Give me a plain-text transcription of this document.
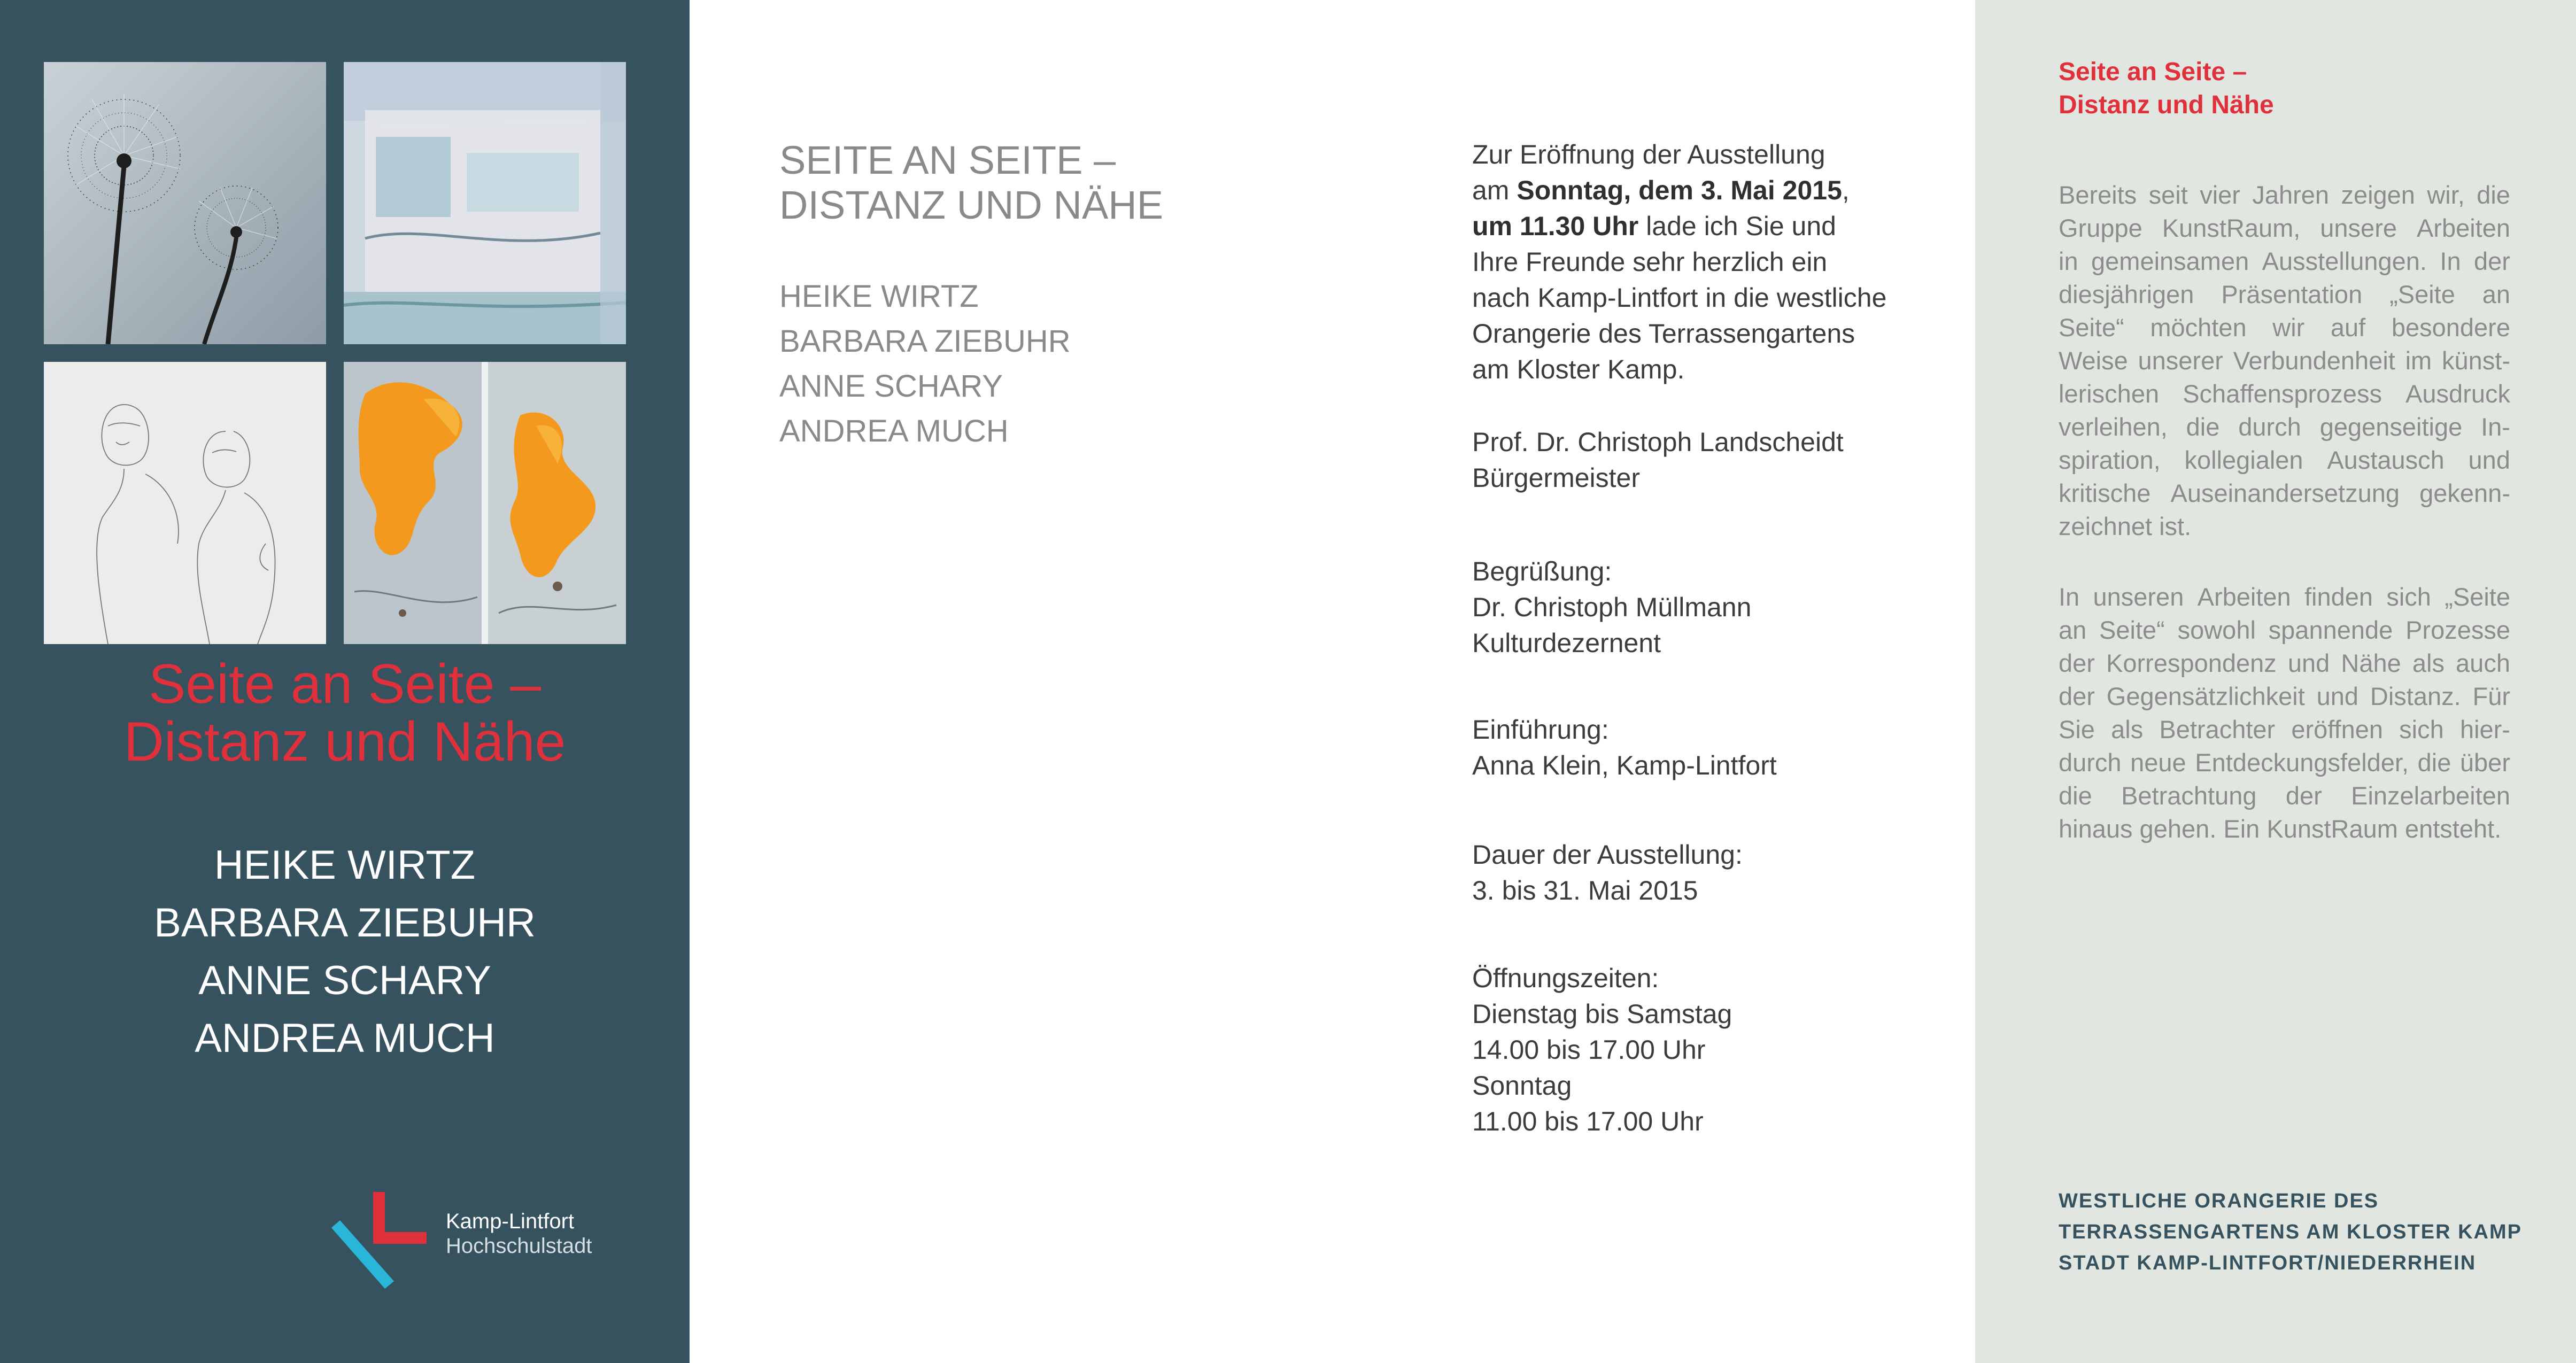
Seite an Seite –
Distanz und Nähe
HEIKE WIRTZ
BARBARA ZIEBUHR
ANNE SCHARY
ANDREA MUCH
Kamp-Lintfort
Hochschulstadt
SEITE AN SEITE –
DISTANZ UND NÄHE
HEIKE WIRTZ
BARBARA ZIEBUHR
ANNE SCHARY
ANDREA MUCH
Zur Eröffnung der Ausstellung
am Sonntag, dem 3. Mai 2015,
um 11.30 Uhr lade ich Sie und
Ihre Freunde sehr herzlich ein
nach Kamp-Lintfort in die westliche
Orangerie des Terrassengartens
am Kloster Kamp.
Prof. Dr. Christoph Landscheidt
Bürgermeister
Begrüßung:
Dr. Christoph Müllmann
Kulturdezernent
Einführung:
Anna Klein, Kamp-Lintfort
Dauer der Ausstellung:
3. bis 31. Mai 2015
Öffnungszeiten:
Dienstag bis Samstag
14.00 bis 17.00 Uhr
Sonntag
11.00 bis 17.00 Uhr
Seite an Seite –
Distanz und Nähe
Bereits seit vier Jahren zeigen wir, die
Gruppe KunstRaum, unsere Arbeiten
in gemeinsamen Ausstellungen. In der
diesjährigen Präsentation „Seite an
Seite“ möchten wir auf besondere
Weise unserer Verbundenheit im künst-
lerischen Schaffensprozess Ausdruck
verleihen, die durch gegenseitige In-
spiration, kollegialen Austausch und
kritische Auseinandersetzung gekenn-
zeichnet ist.
In unseren Arbeiten finden sich „Seite
an Seite“ sowohl spannende Prozesse
der Korrespondenz und Nähe als auch
der Gegensätzlichkeit und Distanz. Für
Sie als Betrachter eröffnen sich hier-
durch neue Entdeckungsfelder, die über
die Betrachtung der Einzelarbeiten
hinaus gehen. Ein KunstRaum entsteht.
WESTLICHE ORANGERIE DES
TERRASSENGARTENS AM KLOSTER KAMP
STADT KAMP-LINTFORT/NIEDERRHEIN
